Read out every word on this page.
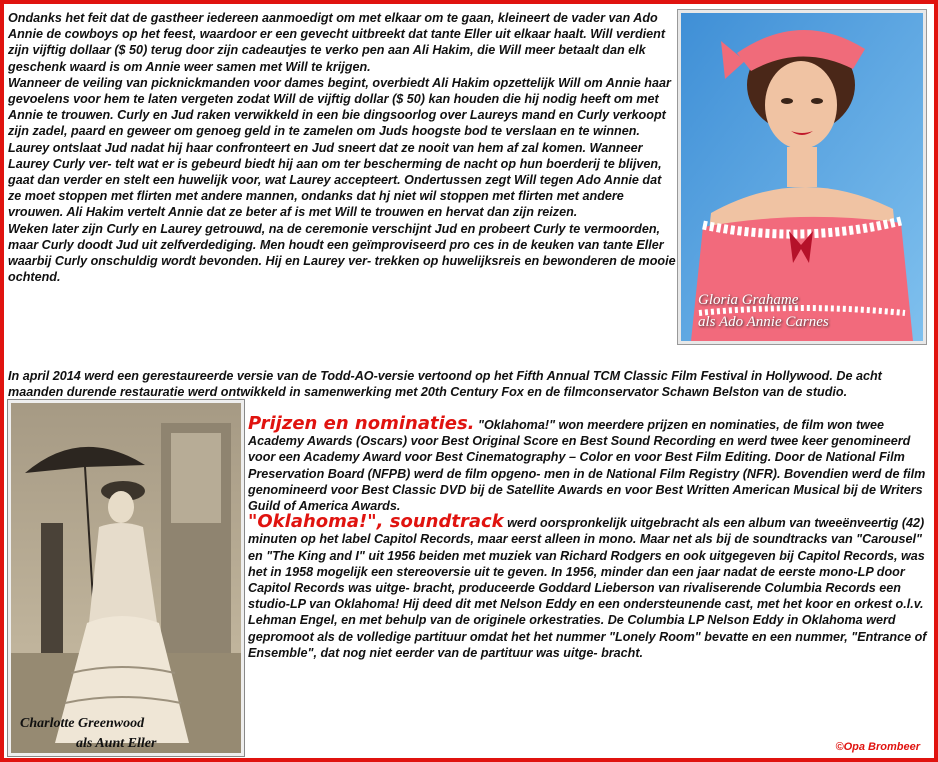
Ondanks het feit dat de gastheer iedereen aanmoedigt om met elkaar om te gaan, kleineert de vader van Ado Annie de cowboys op het feest, waardoor er een gevecht uitbreekt dat tante Eller uit elkaar haalt. Will verdient zijn vijftig dollaar ($ 50) terug door zijn cadeautjes te verko pen aan Ali Hakim, die Will meer betaalt dan elk geschenk waard is om Annie weer samen met Will te krijgen.
Wanneer de veiling van picknickmanden voor dames begint, overbiedt Ali Hakim opzettelijk Will om Annie haar gevoelens voor hem te laten vergeten zodat Will de vijftig dollar ($ 50) kan houden die hij nodig heeft om met Annie te trouwen. Curly en Jud raken verwikkeld in een bie dingsoorlog over Laureys mand en Curly verkoopt zijn zadel, paard en geweer om genoeg geld in te zamelen om Juds hoogste bod te verslaan en te winnen. Laurey ontslaat Jud nadat hij haar confronteert en Jud sneert dat ze nooit van hem af zal komen. Wanneer Laurey Curly ver- telt wat er is gebeurd biedt hij aan om ter bescherming de nacht op hun boerderij te blijven, gaat dan verder en stelt een huwelijk voor, wat Laurey accepteert. Ondertussen zegt Will tegen Ado Annie dat ze moet stoppen met flirten met andere mannen, ondanks dat hj niet wil stoppen met flirten met andere vrouwen. Ali Hakim vertelt Annie dat ze beter af is met Will te trouwen en hervat dan zijn reizen.
Weken later zijn Curly en Laurey getrouwd, na de ceremonie verschijnt Jud en probeert Curly te vermoorden, maar Curly doodt Jud uit zelfverdediging. Men houdt een geïmproviseerd pro ces in de keuken van tante Eller waarbij Curly onschuldig wordt bevonden. Hij en Laurey ver- trekken op huwelijksreis en bewonderen de mooie ochtend.

Gloria Grahame
als Ado Annie Carnes

In april 2014 werd een gerestaureerde versie van de Todd-AO-versie vertoond op het Fifth Annual TCM Classic Film Festival in Hollywood. De acht maanden durende restauratie werd ontwikkeld in samenwerking met 20th Century Fox en de filmconservator Schawn Belston van de studio.

Charlotte Greenwood
als Aunt Eller

Prijzen en nominaties. "Oklahoma!" won meerdere prijzen en nominaties, de film won twee Academy Awards (Oscars) voor Best Original Score en Best Sound Recording en werd twee keer genomineerd voor een Academy Award voor Best Cinematography – Color en voor Best Film Editing. Door de National Film Preservation Board (NFPB) werd de film opgeno- men in de National Film Registry (NFR). Bovendien werd de film genomineerd voor Best Classic DVD bij de Satellite Awards en voor Best Written American Musical bij de Writers Guild of America Awards.
"Oklahoma!", soundtrack werd oorspronkelijk uitgebracht als een album van tweeënveertig (42) minuten op het label Capitol Records, maar eerst alleen in mono. Maar net als bij de soundtracks van "Carousel" en "The King and I" uit 1956 beiden met muziek van Richard Rodgers en ook uitgegeven bij Capitol Records, was het in 1958 mogelijk een stereoversie uit te geven. In 1956, minder dan een jaar nadat de eerste mono-LP door Capitol Records was uitge- bracht, produceerde Goddard Lieberson van rivaliserende Columbia Records een studio-LP van Oklahoma! Hij deed dit met Nelson Eddy en een ondersteunende cast, met het koor en orkest o.l.v. Lehman Engel, en met behulp van de originele orkestraties. De Columbia LP Nelson Eddy in Oklahoma werd gepromoot als de volledige partituur omdat het het nummer "Lonely Room" bevatte en een nummer, "Entrance of Ensemble", dat nog niet eerder van de partituur was uitge- bracht.

©Opa Brombeer
